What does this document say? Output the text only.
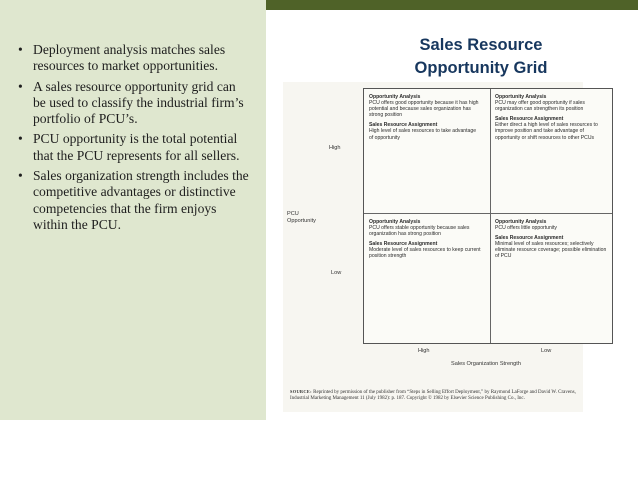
• Deployment analysis matches sales resources to market opportunities.
• A sales resource opportunity grid can be used to classify the industrial firm’s portfolio of PCU’s.
• PCU opportunity is the total potential that the PCU represents for all sellers.
• Sales organization strength includes the competitive advantages or distinctive competencies that the firm enjoys within the PCU.
Sales Resource
Opportunity Grid
PCU
Opportunity
High
Low
Opportunity Analysis
PCU offers good opportunity because it has high potential and because sales organization has strong position
Sales Resource Assignment
High level of sales resources to take advantage of opportunity
Opportunity Analysis
PCU may offer good opportunity if sales organization can strengthen its position
Sales Resource Assignment
Either direct a high level of sales resources to improve position and take advantage of opportunity or shift resources to other PCUs
Opportunity Analysis
PCU offers stable opportunity because sales organization has strong position
Sales Resource Assignment
Moderate level of sales resources to keep current position strength
Opportunity Analysis
PCU offers little opportunity
Sales Resource Assignment
Minimal level of sales resources; selectively eliminate resource coverage; possible elimination of PCU
High	Low
Sales Organization Strength
SOURCE: Reprinted by permission of the publisher from “Steps in Selling Effort Deployment,” by Raymond LaForge and David W. Cravens, Industrial Marketing Management 11 (July 1982): p. 187. Copyright © 1982 by Elsevier Science Publishing Co., Inc.
